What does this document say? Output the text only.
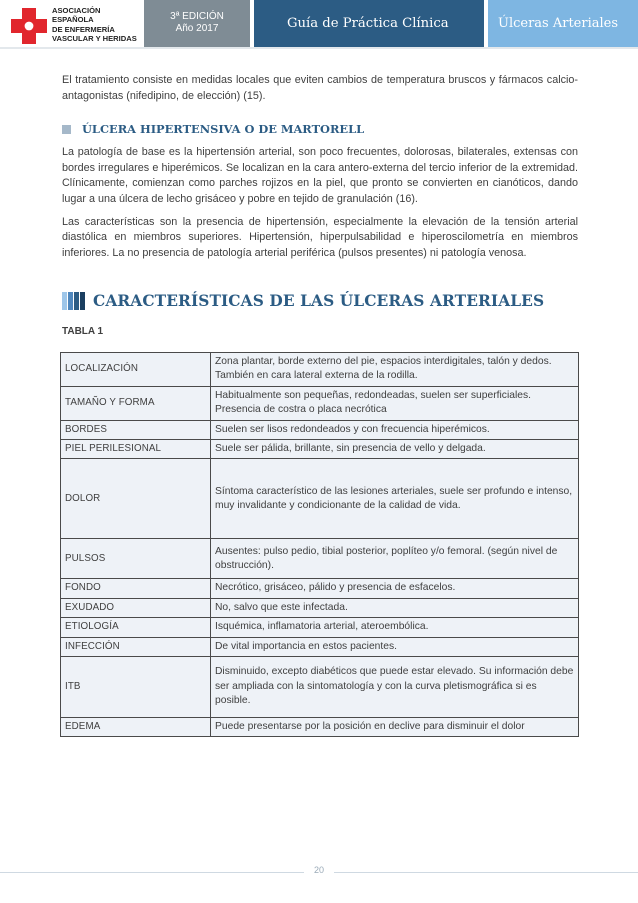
ASOCIACIÓN
ESPAÑOLA
DE ENFERMERÍA
VASCULAR Y HERIDAS
3ª EDICIÓN
Año 2017	Guía de Práctica Clínica	Úlceras Arteriales

El tratamiento consiste en medidas locales que eviten cambios de temperatura bruscos y fármacos calcio-antagonistas (nifedipino, de elección) (15).

ÚLCERA HIPERTENSIVA O DE MARTORELL

La patología de base es la hipertensión arterial, son poco frecuentes, dolorosas, bilaterales, extensas con bordes irregulares e hiperémicos. Se localizan en la cara antero-externa del tercio inferior de la extremidad. Clínicamente, comienzan como parches rojizos en la piel, que pronto se convierten en cianóticos, dando lugar a una úlcera de lecho grisáceo y pobre en tejido de granulación (16).

Las características son la presencia de hipertensión, especialmente la elevación de la tensión arterial diastólica en miembros superiores. Hipertensión, hiperpulsabilidad e hiperoscilometría en miembros inferiores. La no presencia de patología arterial periférica (pulsos presentes) ni patología venosa.

CARACTERÍSTICAS DE LAS ÚLCERAS ARTERIALES
TABLA 1
LOCALIZACIÓN	Zona plantar, borde externo del pie, espacios interdigitales, talón y dedos. También en cara lateral externa de la rodilla.
TAMAÑO Y FORMA	Habitualmente son pequeñas, redondeadas, suelen ser superficiales. Presencia de costra o placa necrótica
BORDES	Suelen ser lisos redondeados y con frecuencia hiperémicos.
PIEL PERILESIONAL	Suele ser pálida, brillante, sin presencia de vello y delgada.
DOLOR	Síntoma característico de las lesiones arteriales, suele ser profundo e intenso, muy invalidante y condicionante de la calidad de vida.
PULSOS	Ausentes: pulso pedio, tibial posterior, poplíteo y/o femoral. (según nivel de obstrucción).
FONDO	Necrótico, grisáceo, pálido y presencia de esfacelos.
EXUDADO	No, salvo que este infectada.
ETIOLOGÍA	Isquémica, inflamatoria arterial, ateroembólica.
INFECCIÓN	De vital importancia en estos pacientes.
ITB	Disminuido, excepto diabéticos que puede estar elevado. Su información debe ser ampliada con la sintomatología y con la curva pletismográfica si es posible.
EDEMA	Puede presentarse por la posición en declive para disminuir el dolor
20
